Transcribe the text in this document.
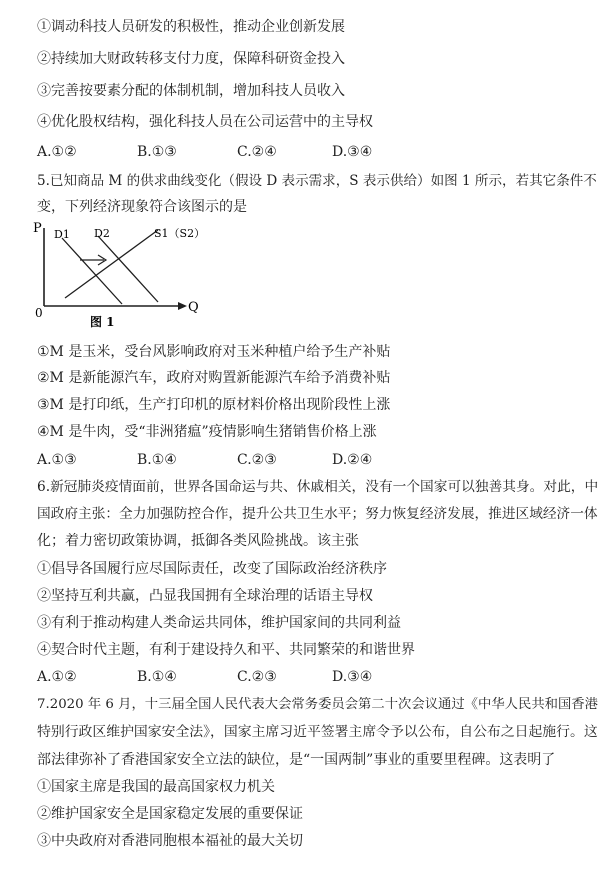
①调动科技人员研发的积极性，推动企业创新发展
②持续加大财政转移支付力度，保障科研资金投入
③完善按要素分配的体制机制，增加科技人员收入
④优化股权结构，强化科技人员在公司运营中的主导权
A.①②	B.①③	C.②④	D.③④
5.已知商品 M 的供求曲线变化（假设 D 表示需求，S 表示供给）如图 1 所示，若其它条件不
变，下列经济现象符合该图示的是
P
Q
0
D1 D2	S1（S2）
图 1
①M 是玉米，受台风影响政府对玉米种植户给予生产补贴
②M 是新能源汽车，政府对购置新能源汽车给予消费补贴
③M 是打印纸，生产打印机的原材料价格出现阶段性上涨
④M 是牛肉，受“非洲猪瘟”疫情影响生猪销售价格上涨
A.①③	B.①④	C.②③	D.②④
6.新冠肺炎疫情面前，世界各国命运与共、休戚相关，没有一个国家可以独善其身。对此，中
国政府主张：全力加强防控合作，提升公共卫生水平；努力恢复经济发展，推进区域经济一体
化；着力密切政策协调，抵御各类风险挑战。该主张
①倡导各国履行应尽国际责任，改变了国际政治经济秩序
②坚持互利共赢，凸显我国拥有全球治理的话语主导权
③有利于推动构建人类命运共同体，维护国家间的共同利益
④契合时代主题，有利于建设持久和平、共同繁荣的和谐世界
A.①②	B.①④	C.②③	D.③④
7.2020 年 6 月，十三届全国人民代表大会常务委员会第二十次会议通过《中华人民共和国香港
特别行政区维护国家安全法》，国家主席习近平签署主席令予以公布，自公布之日起施行。这
部法律弥补了香港国家安全立法的缺位，是“一国两制”事业的重要里程碑。这表明了
①国家主席是我国的最高国家权力机关
②维护国家安全是国家稳定发展的重要保证
③中央政府对香港同胞根本福祉的最大关切
